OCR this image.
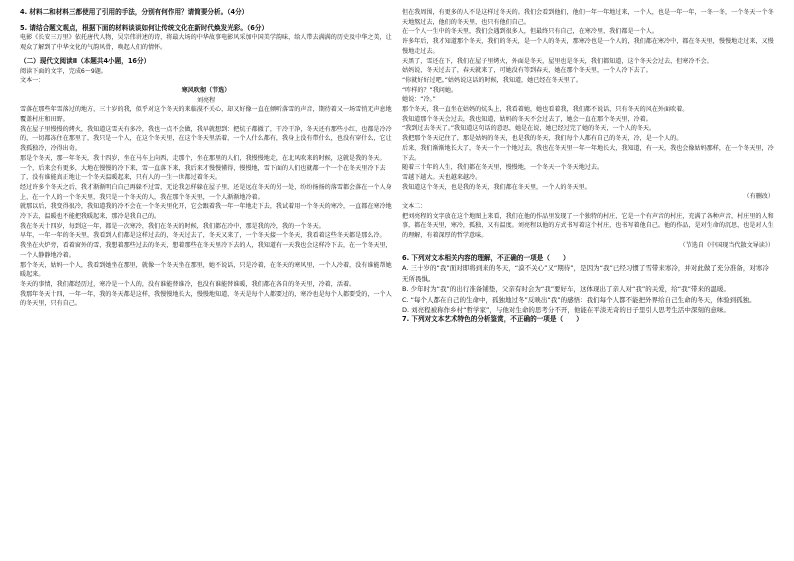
4. 材料二和材料三都使用了引用的手法，分别有何作用？请简要分析。（4分）

5. 请结合题文观点，根据下面的材料谈谈如何让传统文化在新时代焕发光彩。（6分）

电影《长安三万里》依托唐代人物，吴宗伟讲述的诗，将最大场的中华故事电影风采加中国美学韵味，给人带去满满的历史及中华之美，让观众了解到了中华文化的气韵风骨，唤起人们的情怀。

（二）现代文阅读Ⅱ（本题共4小题，16分）

阅读下面的文字，完成6～9题。

文本一：

寒风吹彻（节选）

刘亮程

雪落在那些年雪落过的地方，三十岁的我，似乎对这个冬天的来临漠不关心，却又好像一直在倾听落雪的声音，期待着又一场雪悄无声息地覆盖村庄和田野。

我在屋子里慢慢的烤火，我知道这雪天有多冷，我也一点不会做，我早就想到：把炕子都撤了，干冷干净，冬天还有那些小红，也都是冷冷的，一切都冻住在那里了，我只是一个人，在这个冬天里，在这个冬天里活着，一个人什么都有，我身上没有带什么，也没有穿什么，它让我孤独冷，冷得出奇。

那是个冬天，那一年冬天，我十四岁，坐在马车上向西，走那个，坐在那里的人们，我慢慢地走，在北风吹来的时候，这就是我的冬天。

一个，后来会有更多，大地在慢慢的冷下来，雪一直落下来，我后来才慢慢懂得，慢慢地，雪下面的人们也就都一个一个在冬天里冷下去了，没有谁能真正地让一个冬天温暖起来，只有人的一生一世都过着冬天。

经过许多个冬天之后，我才渐渐明白自己再躲不过雪，无论我怎样躲在屋子里，还是远在冬天的另一处，纷纷扬扬的落雪都会落在一个人身上，在一个人的一个冬天里，我只是一个冬天的人，我在那个冬天里，一个人渐渐地冷着。

就那以后，我变得很冷，我知道我的冷不会在一个冬天里化开，它会跟着我一年一年地走下去，我试着用一个冬天的寒冷，一直都在寒冷地冷下去，温暖也不能把我暖起来，那冷是我自己的。

我在冬天十四岁，每到这一年，都是一次寒冷，我们在冬天的时候，我们都在冷中，那是我的冷，我的一个冬天。

早年，一年一年的冬天里，我看到人们都是这样过去的，冬天过去了，冬天又来了，一个冬天接一个冬天，我看着这些冬天都是那么冷。

我坐在火炉旁，看着窗外的雪，我想着那些过去的冬天，想着那些在冬天里冷下去的人，我知道有一天我也会这样冷下去，在一个冬天里，一个人静静地冷着。

那个冬天，姑妈一个人，我看到她坐在那里，就像一个冬天坐在那里，她不说话，只是冷着，在冬天的寒风里，一个人冷着，没有谁能帮她暖起来。

冬天的事情，我们都经历过，寒冷是一个人的，没有谁能替谁冷，也没有谁能替谁暖，我们都在各自的冬天里，冷着，活着。

我那年冬天十四，一年一年，我的冬天都是这样，我慢慢地长大，慢慢地知道，冬天是每个人都要过的，寒冷也是每个人都要受的，一个人的冬天里，只有自己。

但在我周围，有更多的人不是这样过冬天的。我们会看到他们，他们一年一年地过来，一个人，也是一年一年，一冬一冬，一个冬天一个冬天地熬过去，他们的冬天里，也只有他们自己。

在一个人一生中的冬天里，我们会遇到很多人，但最终只有自己，在寒冷里，我们都是一个人。

许多年后，我才知道那个冬天，我们的冬天，是一个人的冬天，那寒冷也是一个人的，我们都在寒冷中，都在冬天里，慢慢地走过来，又慢慢地走过去。

天黑了，雪还在下，我们在屋子里烤火，外面是冬天，屋里也是冬天，我们都知道，这个冬天会过去，但寒冷不会。

姑妈说，冬天过去了，春天就来了，可她没有等到春天，她在那个冬天里，一个人冷下去了。

“你就好好过吧。”姑妈说这话的时候，我知道，她已经在冬天里了。

“咋样的？”我问她。

她说：“冷。”

那个冬天，我一直坐在姑妈的炕头上，我看着她，她也看着我，我们都不说话，只有冬天的风在外面吹着。

我知道那个冬天会过去，我也知道，姑妈的冬天不会过去了，她会一直在那个冬天里，冷着。

“我到过去冬天了。”我知道这句话的意思，她是在说，她已经过完了她的冬天，一个人的冬天。

我把那个冬天记住了，那是姑妈的冬天，也是我的冬天，我们每个人都有自己的冬天，冷，是一个人的。

后来，我们渐渐地长大了，冬天一个一个地过去，我也在冬天里一年一年地长大，我知道，有一天，我也会像姑妈那样，在一个冬天里，冷下去。

随着三十年的人生，我们都在冬天里，慢慢地，一个冬天一个冬天地过去。

雪越下越大。天也越来越冷。

我知道这个冬天，也是我的冬天，我们都在冬天里，一个人的冬天里。

（有删改）

文本二：

把刘亮程的文字放在这个地图上来看，我们在他的作品里发现了一个独特的村庄，它是一个有声音的村庄，充满了各种声音，村庄里的人和事，都在冬天里，寒冷，孤独，又有温度。刘亮程以他的方式书写着这个村庄，也书写着他自己。他的作品，是对生命的沉思，也是对人生的理解，有着深厚的哲学意味。

（节选自《中国现当代散文导读》）

6. 下列对文本相关内容的理解，不正确的一项是（　　）

A. 三十岁的“我”面对即将到来的冬天，“漠不关心”又“期待”，是因为“我”已经习惯了雪带来寒冷，并对此做了充分准备，对寒冷无所畏惧。

B. 少年时为“我”的出行准备铺垫，父亲有时会为“我”要好车，这体现出了亲人对“我”的关爱，给“我”带来的温暖。

C. “每个人都在自己的生命中，孤独地过冬”反映出“我”的感悟：我们每个人都不能把外界给自己生命的冬天，体验到孤独。

D. 刘亮程被称作乡村“哲学家”，与他对生命的思考分不开，他能在平淡无奇的日子里引人思考生活中深刻的意味。

7. 下列对文本艺术特色的分析鉴赏，不正确的一项是（　　）
